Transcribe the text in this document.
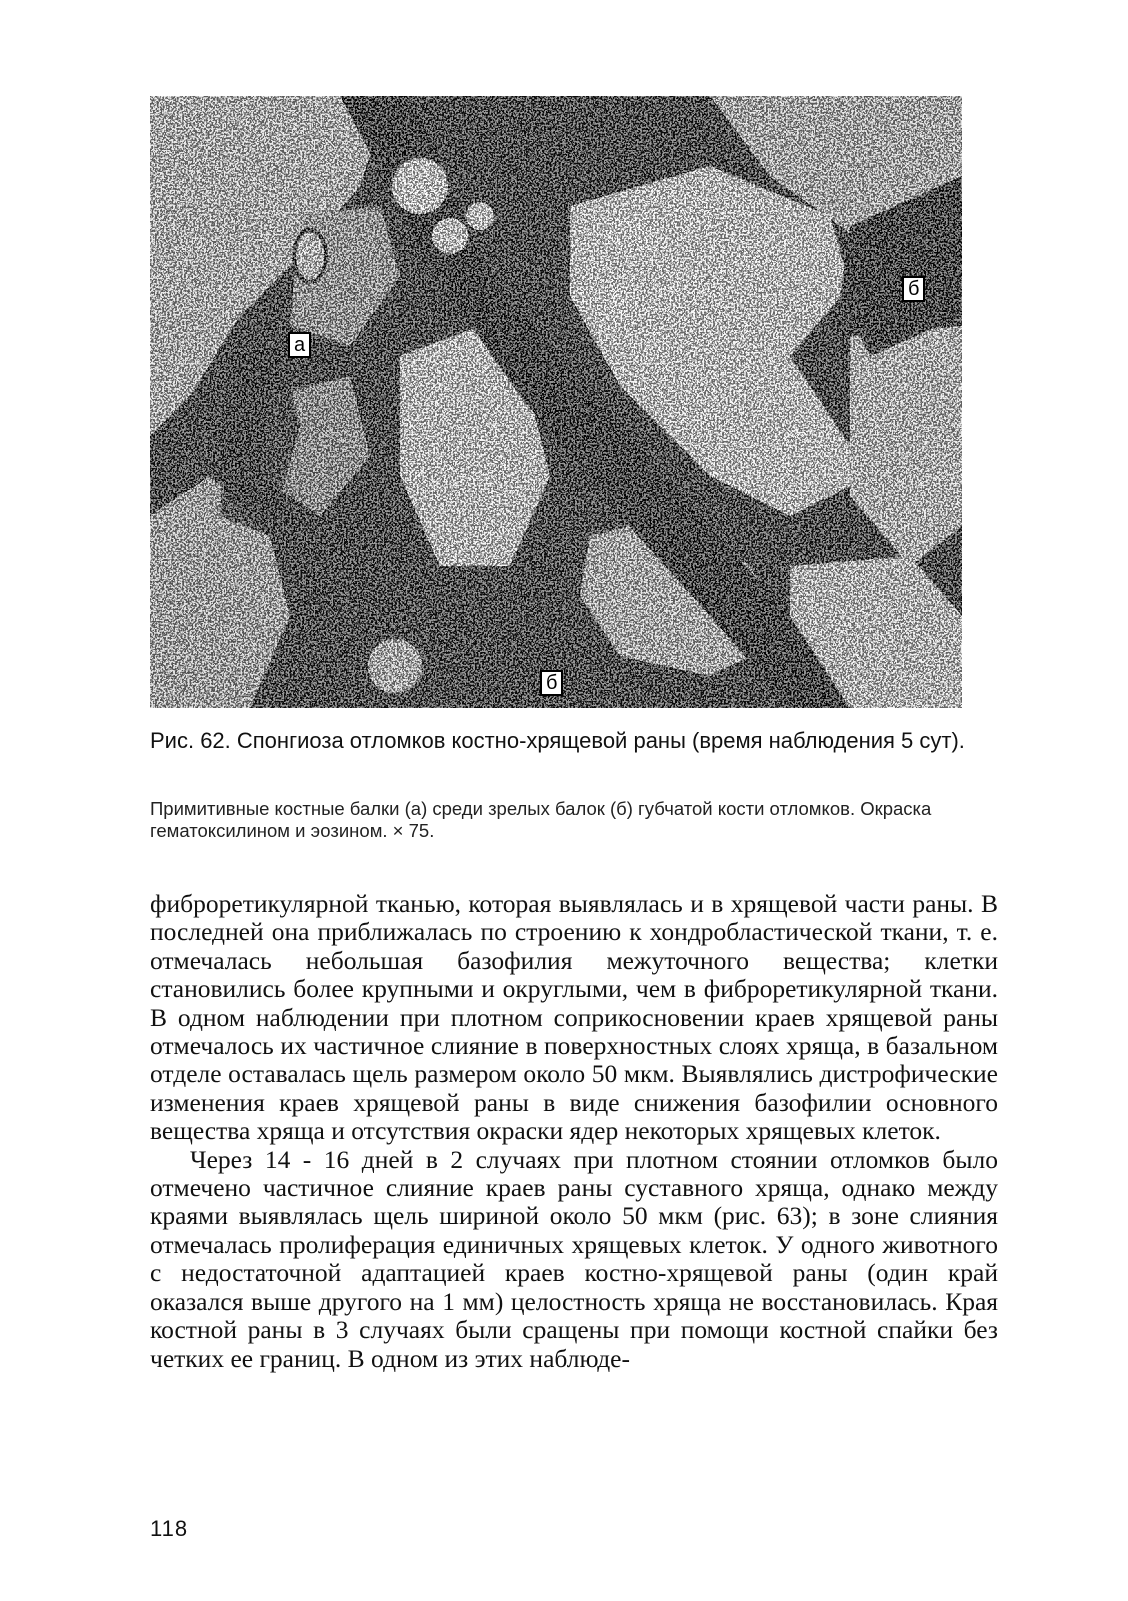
а
б
б

Рис. 62. Спонгиоза отломков костно-хрящевой раны (время наблюдения 5 сут).

Примитивные костные балки (а) среди зрелых балок (б) губчатой кости отломков. Окраска гематоксилином и эозином. × 75.

фиброретикулярной тканью, которая выявлялась и в хрящевой части раны. В последней она приближалась по строению к хондробластической ткани, т. е. отмечалась небольшая базофилия межуточного вещества; клетки становились более крупными и округлыми, чем в фиброретикулярной ткани. В одном наблюдении при плотном соприкосновении краев хрящевой раны отмечалось их частичное слияние в поверхностных слоях хряща, в базальном отделе оставалась щель размером около 50 мкм. Выявлялись дистрофические изменения краев хрящевой раны в виде снижения базофилии основного вещества хряща и отсутствия окраски ядер некоторых хрящевых клеток.

Через 14 - 16 дней в 2 случаях при плотном стоянии отломков было отмечено частичное слияние краев раны суставного хряща, однако между краями выявлялась щель шириной около 50 мкм (рис. 63); в зоне слияния отмечалась пролиферация единичных хрящевых клеток. У одного животного с недостаточной адаптацией краев костно-хрящевой раны (один край оказался выше другого на 1 мм) целостность хряща не восстановилась. Края костной раны в 3 случаях были сращены при помощи костной спайки без четких ее границ. В одном из этих наблюде-

118
